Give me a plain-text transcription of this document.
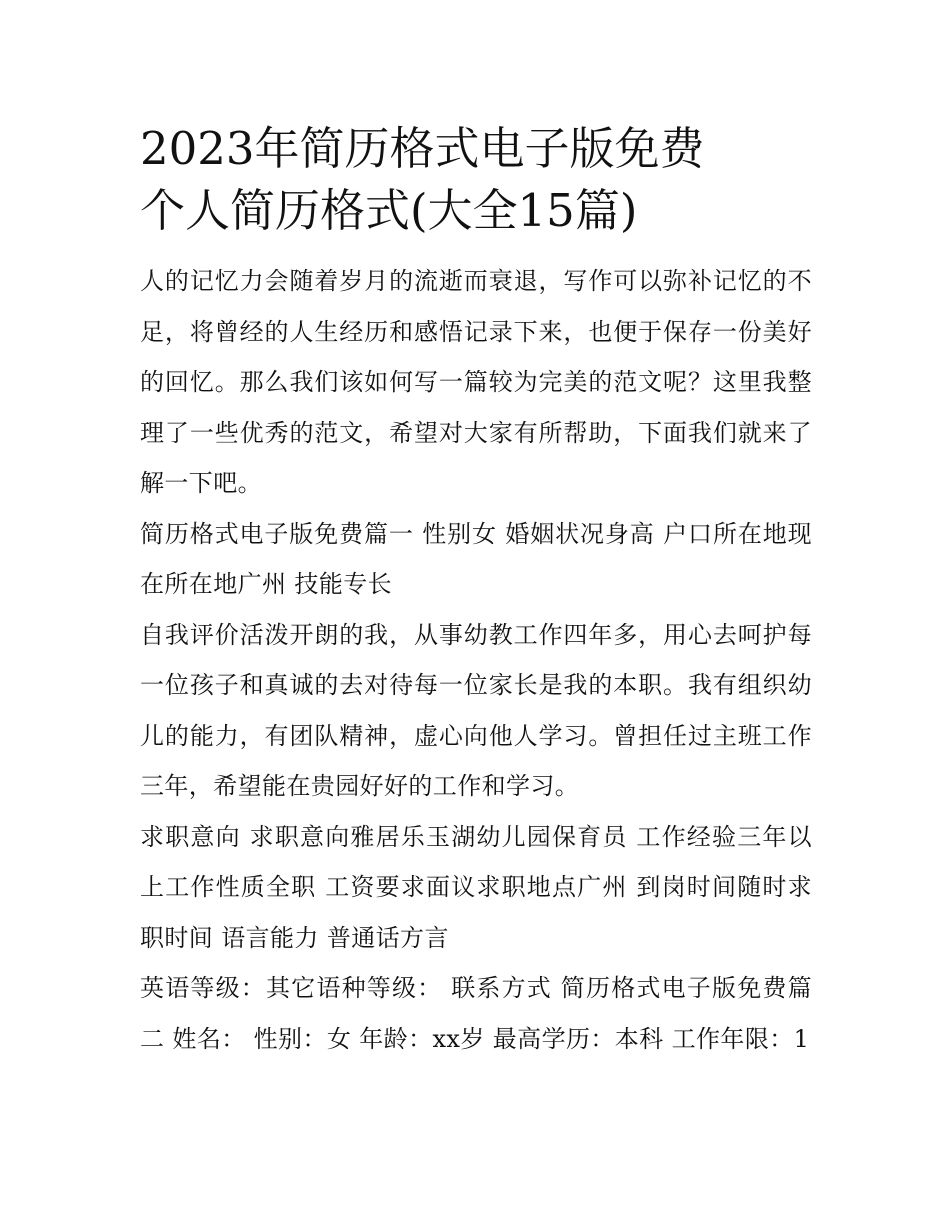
2023年简历格式电子版免费
个人简历格式(大全15篇)

人的记忆力会随着岁月的流逝而衰退，写作可以弥补记忆的不足，将曾经的人生经历和感悟记录下来，也便于保存一份美好的回忆。那么我们该如何写一篇较为完美的范文呢？这里我整理了一些优秀的范文，希望对大家有所帮助，下面我们就来了解一下吧。

简历格式电子版免费篇一 性别女 婚姻状况身高 户口所在地现在所在地广州 技能专长

自我评价活泼开朗的我，从事幼教工作四年多，用心去呵护每一位孩子和真诚的去对待每一位家长是我的本职。我有组织幼儿的能力，有团队精神，虚心向他人学习。曾担任过主班工作三年，希望能在贵园好好的工作和学习。

求职意向 求职意向雅居乐玉湖幼儿园保育员 工作经验三年以上工作性质全职 工资要求面议求职地点广州 到岗时间随时求职时间 语言能力 普通话方言

英语等级：其它语种等级： 联系方式 简历格式电子版免费篇二 姓名： 性别：女 年龄：xx岁 最高学历：本科 工作年限：1
